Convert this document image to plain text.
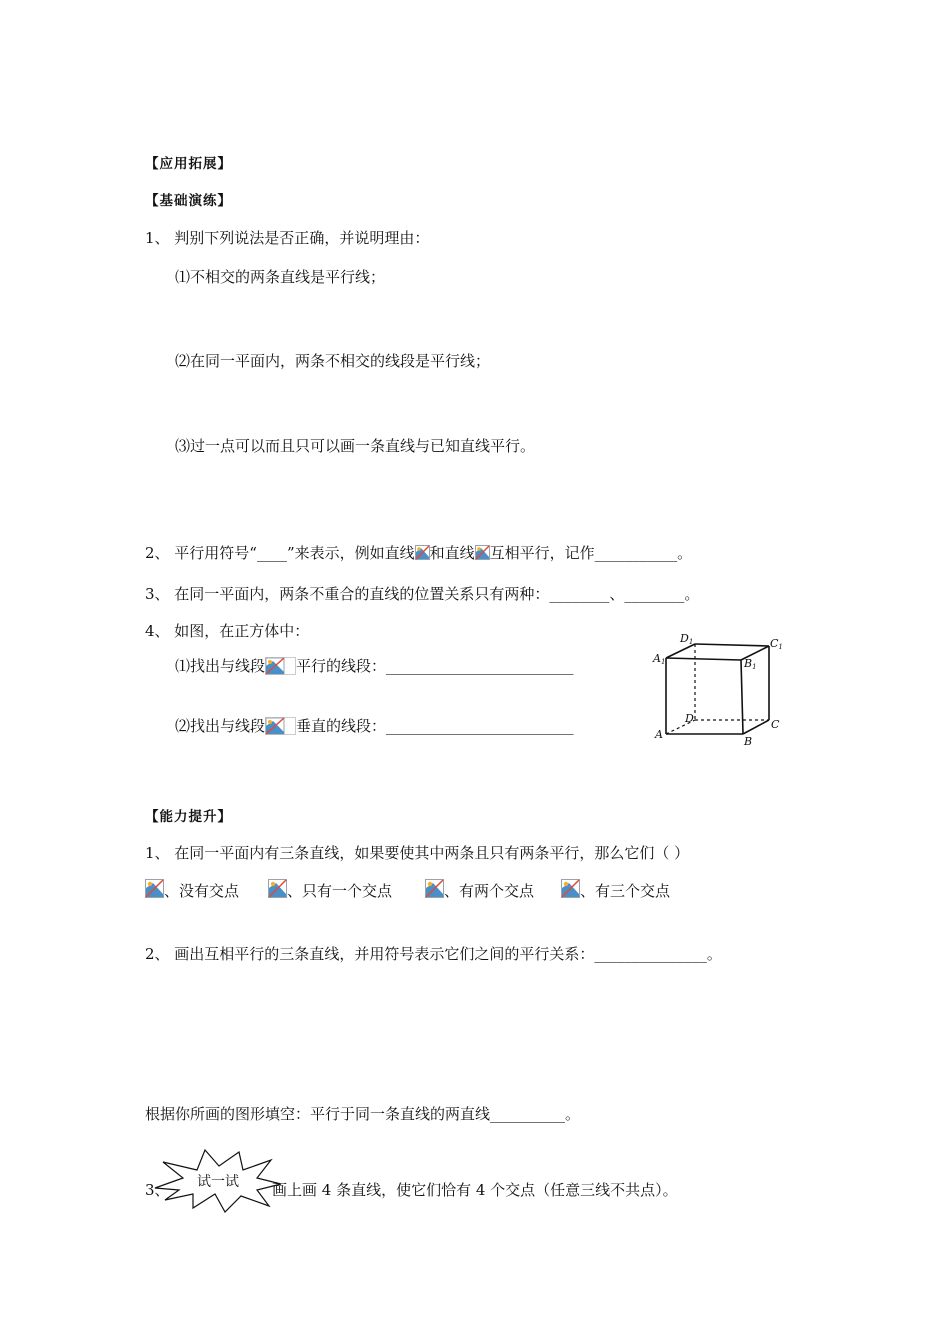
【应用拓展】
【基础演练】
1、 判别下列说法是否正确，并说明理由：
⑴不相交的两条直线是平行线；
⑵在同一平面内，两条不相交的线段是平行线；
⑶过一点可以而且只可以画一条直线与已知直线平行。
2、 平行用符号“____”来表示，例如直线 和直线 互相平行，记作___________。
3、 在同一平面内，两条不重合的直线的位置关系只有两种：________、________。
4、 如图，在正方体中：
⑴找出与线段 平行的线段：_________________________
⑵找出与线段 垂直的线段：_________________________
D1	C1
A1	B1
D	C
A
B
【能力提升】
1、 在同一平面内有三条直线，如果要使其中两条且只有两条平行，那么它们（ ）
、没有交点	、只有一个交点	、有两个交点	、有三个交点
2、 画出互相平行的三条直线，并用符号表示它们之间的平行关系：_______________。
根据你所画的图形填空：平行于同一条直线的两直线__________。
3、 试一试 画上画 4 条直线，使它们恰有 4 个交点（任意三线不共点）。
